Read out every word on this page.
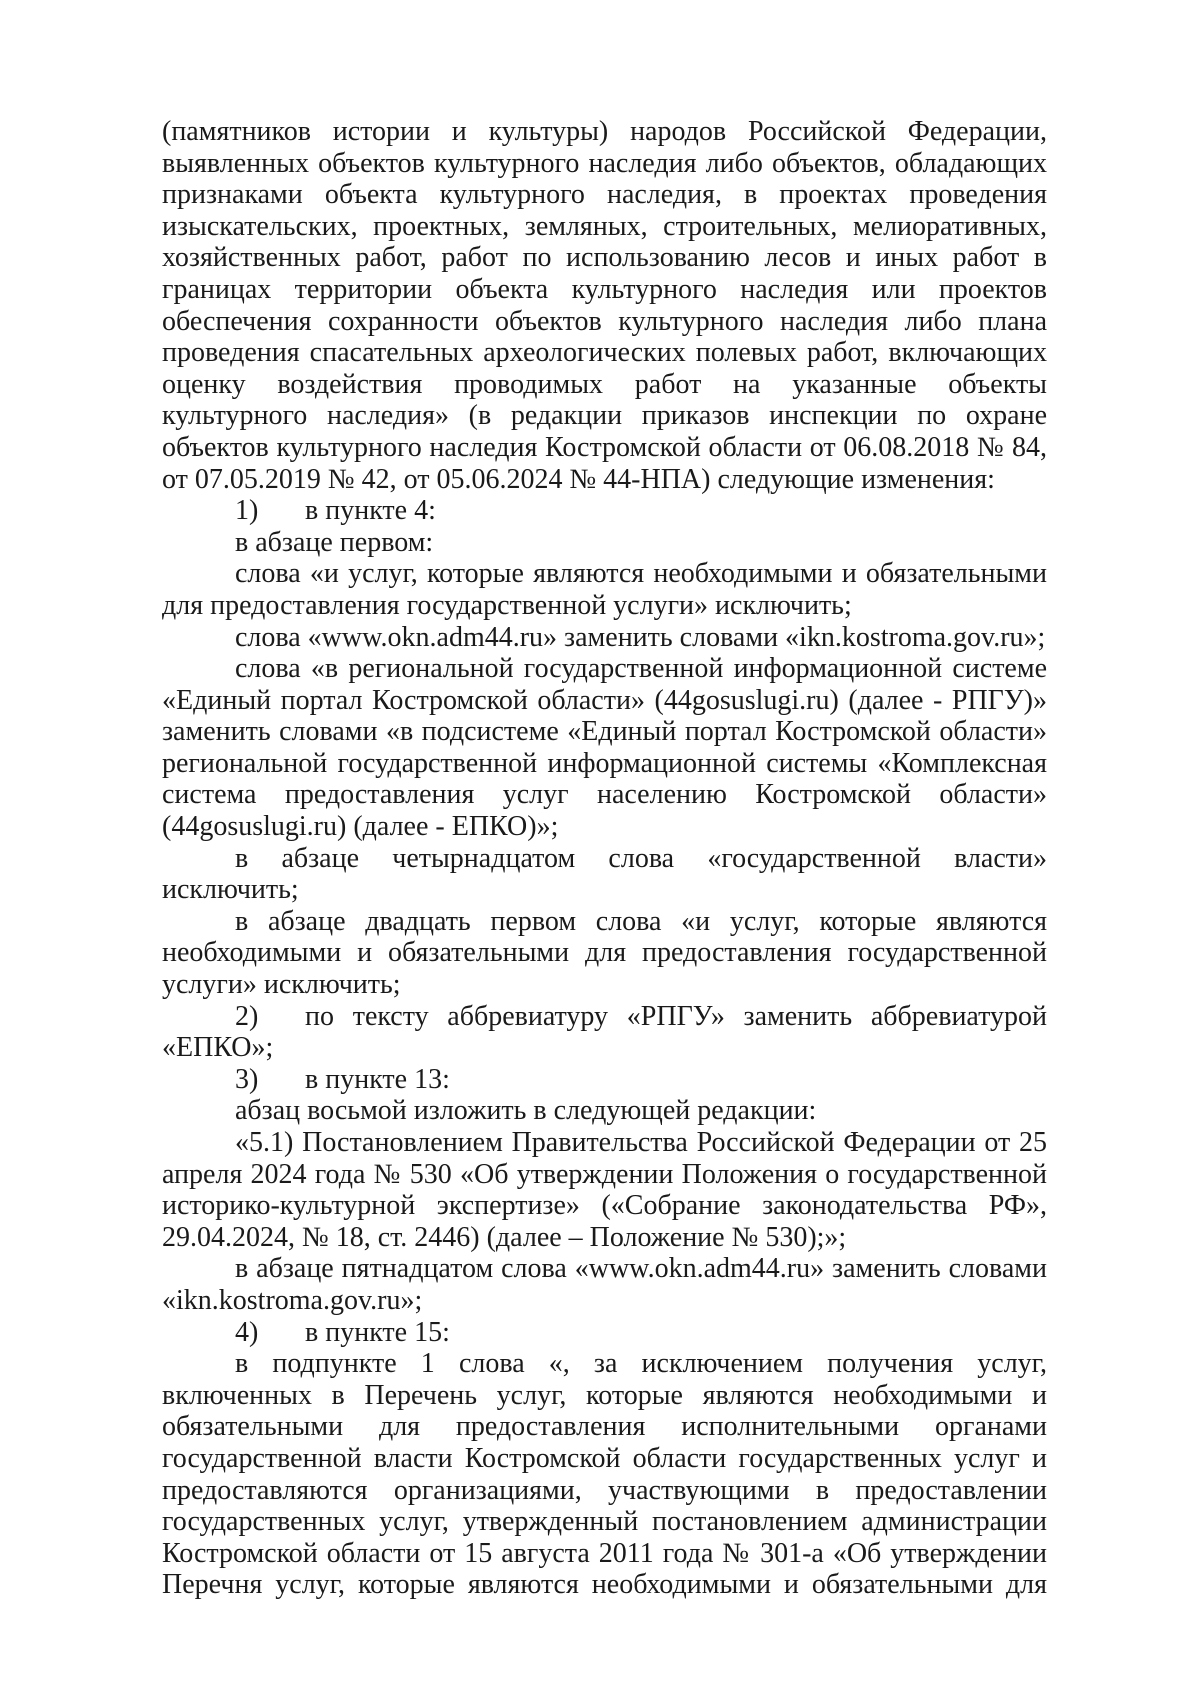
(памятников истории и культуры) народов Российской Федерации, выявленных объектов культурного наследия либо объектов, обладающих признаками объекта культурного наследия, в проектах проведения изыскательских, проектных, земляных, строительных, мелиоративных, хозяйственных работ, работ по использованию лесов и иных работ в границах территории объекта культурного наследия или проектов обеспечения сохранности объектов культурного наследия либо плана проведения спасательных археологических полевых работ, включающих оценку воздействия проводимых работ на указанные объекты культурного наследия» (в редакции приказов инспекции по охране объектов культурного наследия Костромской области от 06.08.2018 № 84, от 07.05.2019 № 42, от 05.06.2024 № 44-НПА) следующие изменения:

1) в пункте 4:

в абзаце первом:

слова «и услуг, которые являются необходимыми и обязательными для предоставления государственной услуги» исключить;

слова «www.okn.adm44.ru» заменить словами «ikn.kostroma.gov.ru»;

слова «в региональной государственной информационной системе «Единый портал Костромской области» (44gosuslugi.ru) (далее - РПГУ)» заменить словами «в подсистеме «Единый портал Костромской области» региональной государственной информационной системы «Комплексная система предоставления услуг населению Костромской области» (44gosuslugi.ru) (далее - ЕПКО)»;

в абзаце четырнадцатом слова «государственной власти» исключить;

в абзаце двадцать первом слова «и услуг, которые являются необходимыми и обязательными для предоставления государственной услуги» исключить;

2) по тексту аббревиатуру «РПГУ» заменить аббревиатурой «ЕПКО»;

3) в пункте 13:

абзац восьмой изложить в следующей редакции:

«5.1) Постановлением Правительства Российской Федерации от 25 апреля 2024 года № 530 «Об утверждении Положения о государственной историко-культурной экспертизе» («Собрание законодательства РФ», 29.04.2024, № 18, ст. 2446) (далее – Положение № 530);»;

в абзаце пятнадцатом слова «www.okn.adm44.ru» заменить словами «ikn.kostroma.gov.ru»;

4) в пункте 15:

в подпункте 1 слова «, за исключением получения услуг, включенных в Перечень услуг, которые являются необходимыми и обязательными для предоставления исполнительными органами государственной власти Костромской области государственных услуг и предоставляются организациями, участвующими в предоставлении государственных услуг, утвержденный постановлением администрации Костромской области от 15 августа 2011 года № 301-а «Об утверждении Перечня услуг, которые являются необходимыми и обязательными для
